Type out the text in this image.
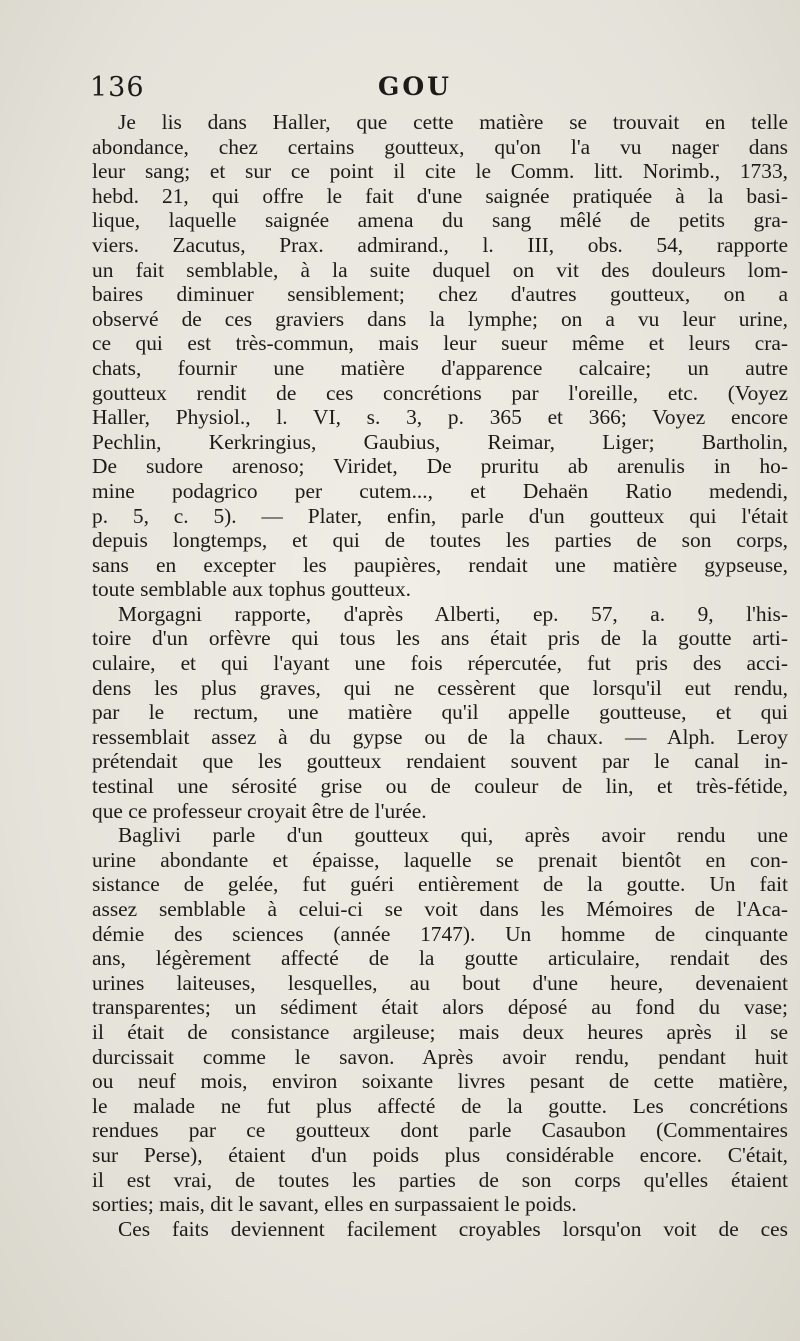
136	GOU
Je lis dans Haller, que cette matière se trouvait en telle
abondance, chez certains goutteux, qu'on l'a vu nager dans
leur sang; et sur ce point il cite le Comm. litt. Norimb., 1733,
hebd. 21, qui offre le fait d'une saignée pratiquée à la basi-
lique, laquelle saignée amena du sang mêlé de petits gra-
viers. Zacutus, Prax. admirand., l. III, obs. 54, rapporte
un fait semblable, à la suite duquel on vit des douleurs lom-
baires diminuer sensiblement; chez d'autres goutteux, on a
observé de ces graviers dans la lymphe; on a vu leur urine,
ce qui est très-commun, mais leur sueur même et leurs cra-
chats, fournir une matière d'apparence calcaire; un autre
goutteux rendit de ces concrétions par l'oreille, etc. (Voyez
Haller, Physiol., l. VI, s. 3, p. 365 et 366; Voyez encore
Pechlin, Kerkringius, Gaubius, Reimar, Liger; Bartholin,
De sudore arenoso; Viridet, De pruritu ab arenulis in ho-
mine podagrico per cutem..., et Dehaën Ratio medendi,
p. 5, c. 5). — Plater, enfin, parle d'un goutteux qui l'était
depuis longtemps, et qui de toutes les parties de son corps,
sans en excepter les paupières, rendait une matière gypseuse,
toute semblable aux tophus goutteux.
Morgagni rapporte, d'après Alberti, ep. 57, a. 9, l'his-
toire d'un orfèvre qui tous les ans était pris de la goutte arti-
culaire, et qui l'ayant une fois répercutée, fut pris des acci-
dens les plus graves, qui ne cessèrent que lorsqu'il eut rendu,
par le rectum, une matière qu'il appelle goutteuse, et qui
ressemblait assez à du gypse ou de la chaux. — Alph. Leroy
prétendait que les goutteux rendaient souvent par le canal in-
testinal une sérosité grise ou de couleur de lin, et très-fétide,
que ce professeur croyait être de l'urée.
Baglivi parle d'un goutteux qui, après avoir rendu une
urine abondante et épaisse, laquelle se prenait bientôt en con-
sistance de gelée, fut guéri entièrement de la goutte. Un fait
assez semblable à celui-ci se voit dans les Mémoires de l'Aca-
démie des sciences (année 1747). Un homme de cinquante
ans, légèrement affecté de la goutte articulaire, rendait des
urines laiteuses, lesquelles, au bout d'une heure, devenaient
transparentes; un sédiment était alors déposé au fond du vase;
il était de consistance argileuse; mais deux heures après il se
durcissait comme le savon. Après avoir rendu, pendant huit
ou neuf mois, environ soixante livres pesant de cette matière,
le malade ne fut plus affecté de la goutte. Les concrétions
rendues par ce goutteux dont parle Casaubon (Commentaires
sur Perse), étaient d'un poids plus considérable encore. C'était,
il est vrai, de toutes les parties de son corps qu'elles étaient
sorties; mais, dit le savant, elles en surpassaient le poids.
Ces faits deviennent facilement croyables lorsqu'on voit de ces
